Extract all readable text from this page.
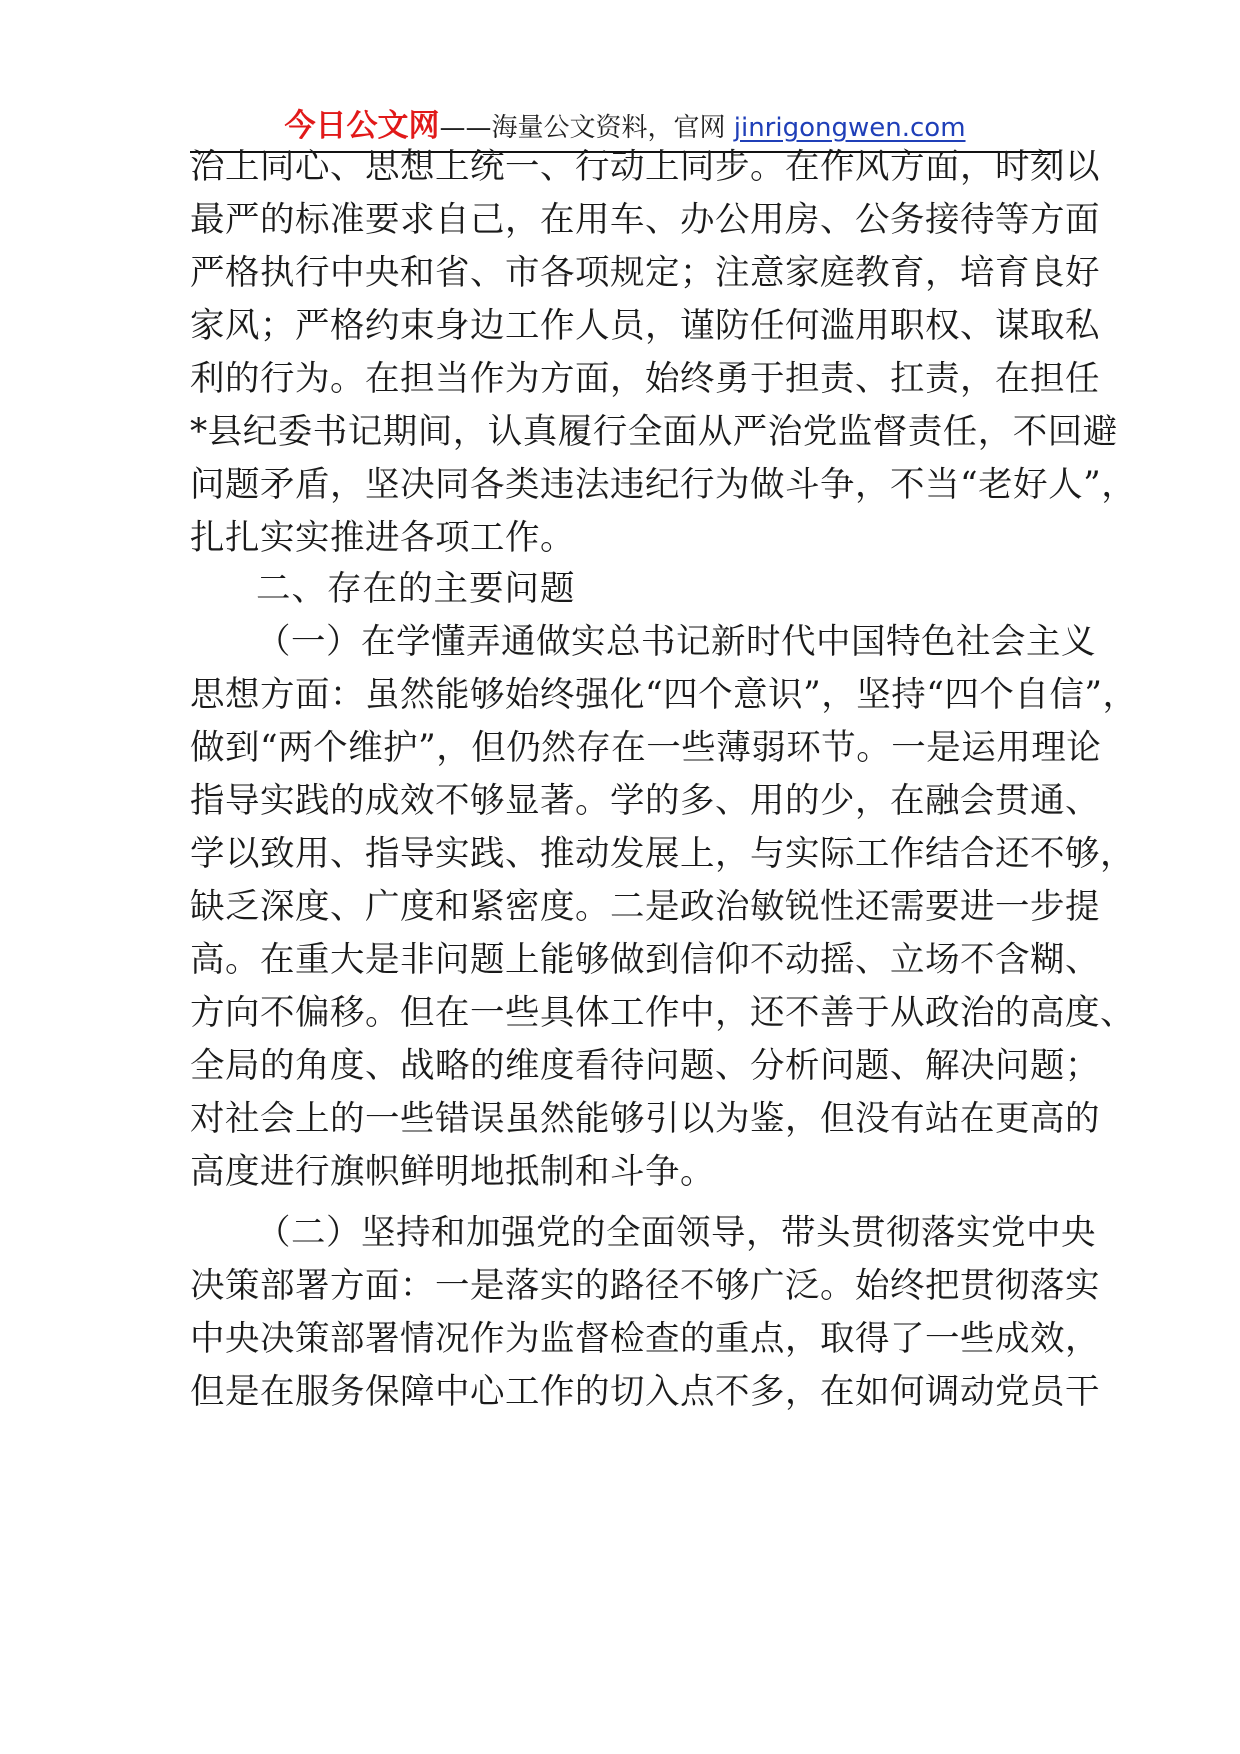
今日公文网——海量公文资料，官网 jinrigongwen.com
治上同心、思想上统一、行动上同步。在作风方面，时刻以
最严的标准要求自己，在用车、办公用房、公务接待等方面
严格执行中央和省、市各项规定；注意家庭教育，培育良好
家风；严格约束身边工作人员，谨防任何滥用职权、谋取私
利的行为。在担当作为方面，始终勇于担责、扛责，在担任
*县纪委书记期间，认真履行全面从严治党监督责任，不回避
问题矛盾，坚决同各类违法违纪行为做斗争，不当“老好人”，
扎扎实实推进各项工作。
二、存在的主要问题
（一）在学懂弄通做实总书记新时代中国特色社会主义
思想方面：虽然能够始终强化“四个意识”，坚持“四个自信”，
做到“两个维护”，但仍然存在一些薄弱环节。一是运用理论
指导实践的成效不够显著。学的多、用的少，在融会贯通、
学以致用、指导实践、推动发展上，与实际工作结合还不够，
缺乏深度、广度和紧密度。二是政治敏锐性还需要进一步提
高。在重大是非问题上能够做到信仰不动摇、立场不含糊、
方向不偏移。但在一些具体工作中，还不善于从政治的高度、
全局的角度、战略的维度看待问题、分析问题、解决问题；
对社会上的一些错误虽然能够引以为鉴，但没有站在更高的
高度进行旗帜鲜明地抵制和斗争。
（二）坚持和加强党的全面领导，带头贯彻落实党中央
决策部署方面：一是落实的路径不够广泛。始终把贯彻落实
中央决策部署情况作为监督检查的重点，取得了一些成效，
但是在服务保障中心工作的切入点不多，在如何调动党员干
